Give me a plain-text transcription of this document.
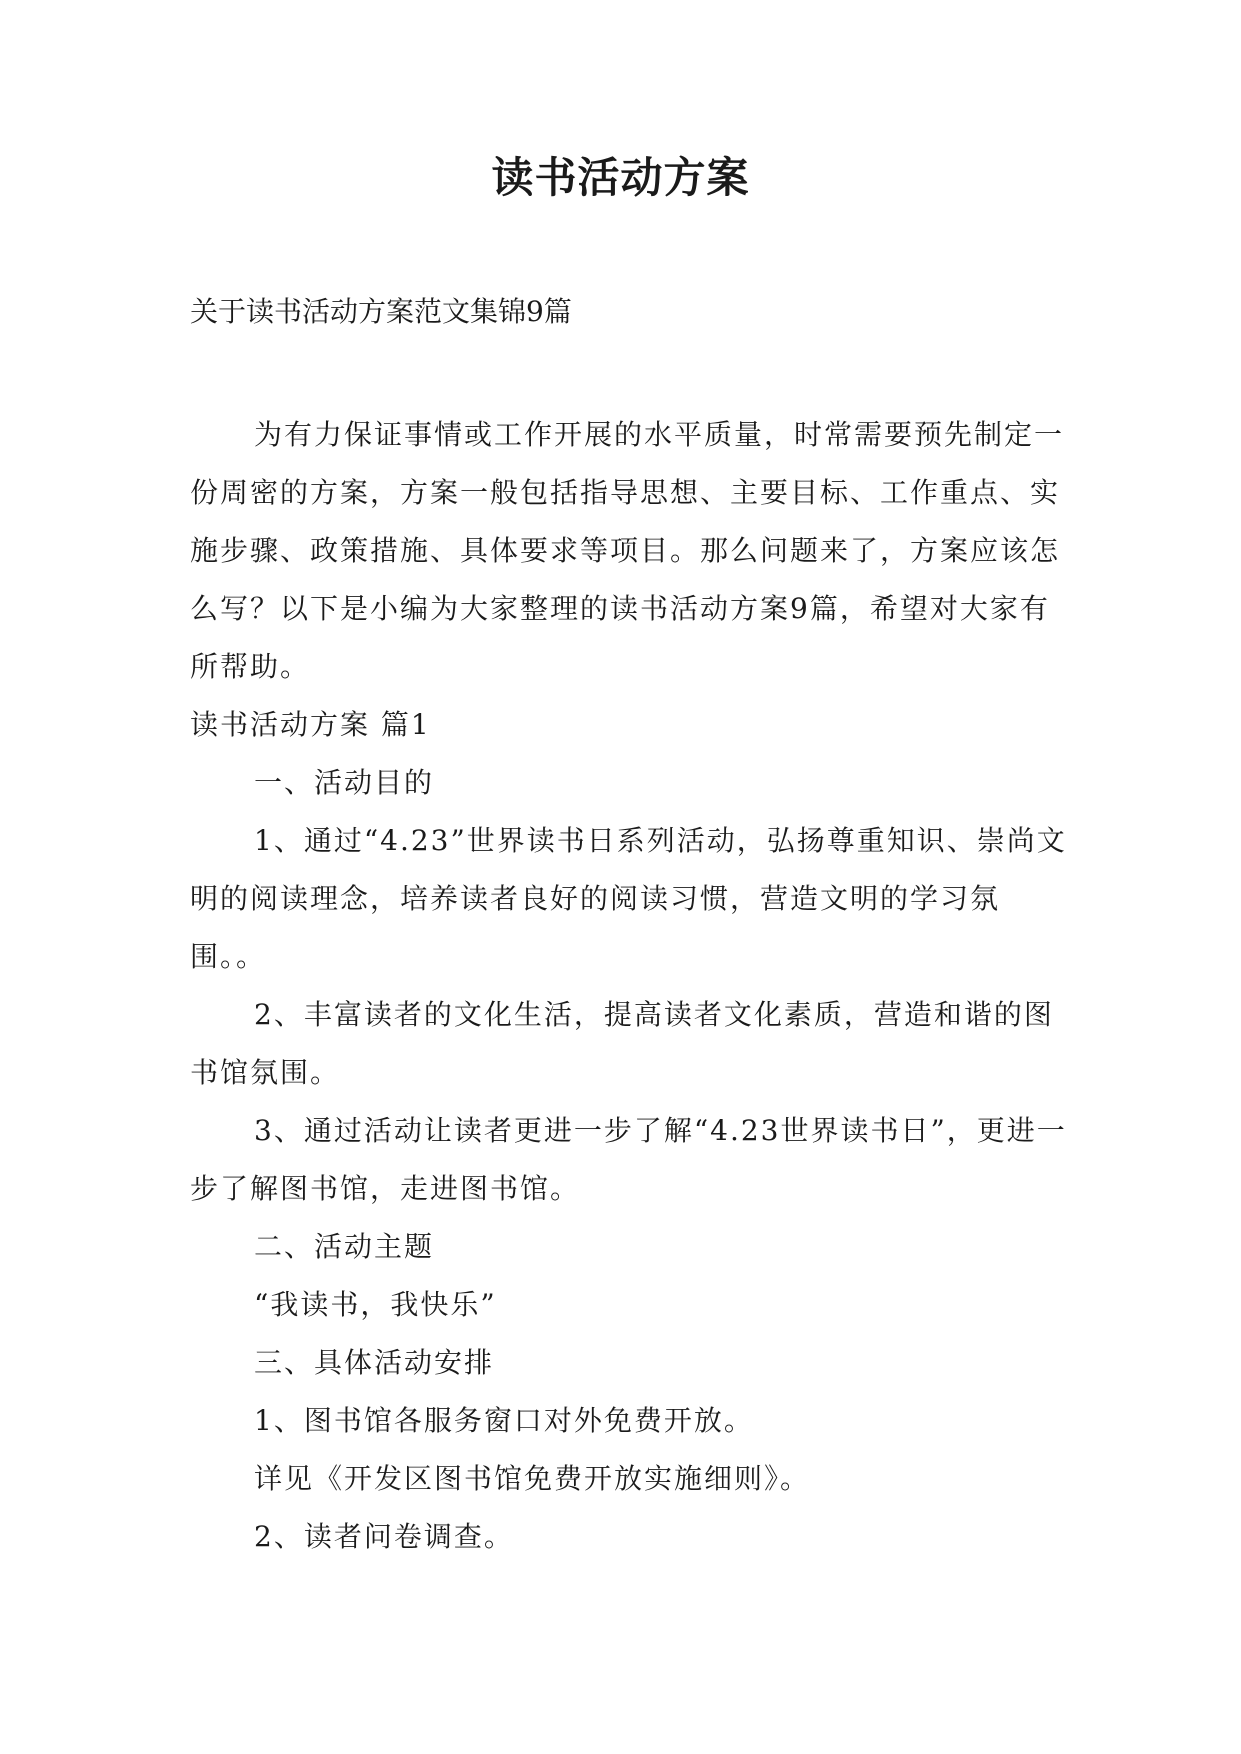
读书活动方案
关于读书活动方案范文集锦9篇

为有力保证事情或工作开展的水平质量，时常需要预先制定一份周密的方案，方案一般包括指导思想、主要目标、工作重点、实施步骤、政策措施、具体要求等项目。那么问题来了，方案应该怎么写？以下是小编为大家整理的读书活动方案9篇，希望对大家有所帮助。

读书活动方案 篇1

一、活动目的

1、通过“4.23”世界读书日系列活动，弘扬尊重知识、崇尚文明的阅读理念，培养读者良好的阅读习惯，营造文明的学习氛围。。

2、丰富读者的文化生活，提高读者文化素质，营造和谐的图书馆氛围。

3、通过活动让读者更进一步了解“4.23世界读书日”，更进一步了解图书馆，走进图书馆。

二、活动主题

“我读书，我快乐”

三、具体活动安排

1、图书馆各服务窗口对外免费开放。

详见《开发区图书馆免费开放实施细则》。

2、读者问卷调查。
